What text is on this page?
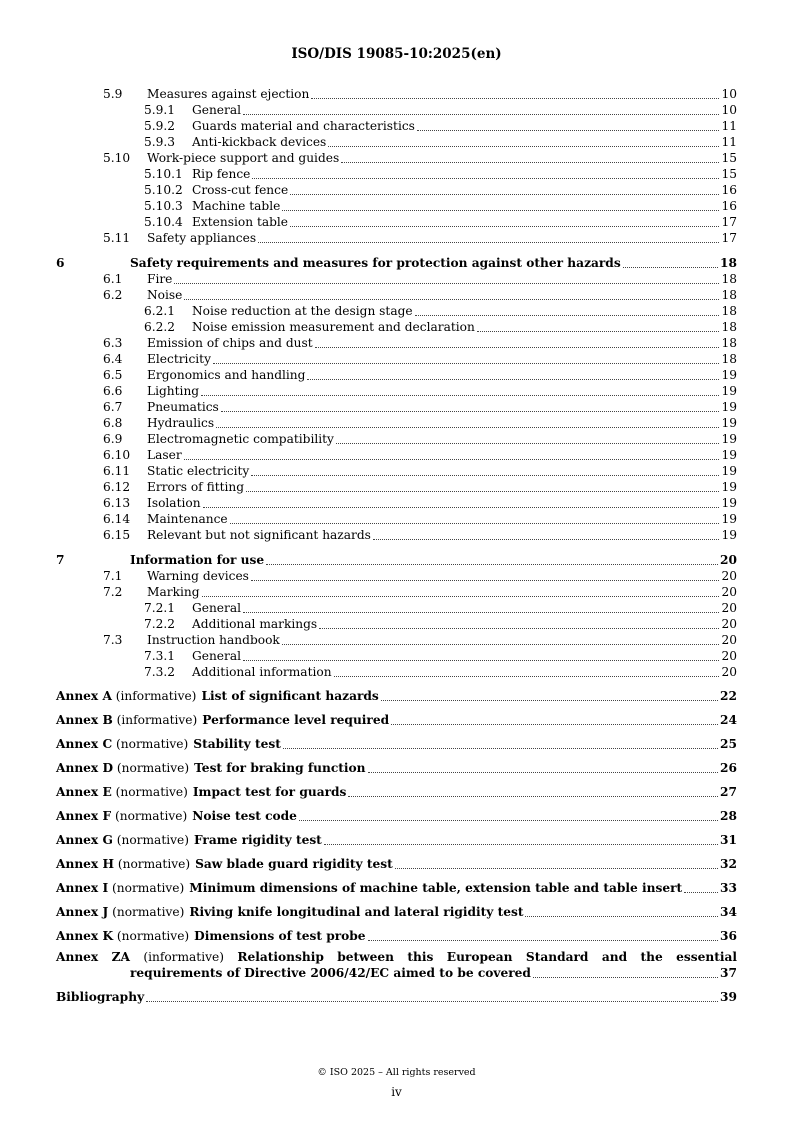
ISO/DIS 19085-10:2025(en)
5.9	Measures against ejection	10
5.9.1	General	10
5.9.2	Guards material and characteristics	11
5.9.3	Anti-kickback devices	11
5.10	Work-piece support and guides	15
5.10.1 Rip fence	15
5.10.2 Cross-cut fence	16
5.10.3 Machine table	16
5.10.4 Extension table	17
5.11	Safety appliances	17
6	Safety requirements and measures for protection against other hazards	18
6.1	Fire	18
6.2	Noise	18
6.2.1	Noise reduction at the design stage	18
6.2.2	Noise emission measurement and declaration	18
6.3	Emission of chips and dust	18
6.4	Electricity	18
6.5	Ergonomics and handling	19
6.6	Lighting	19
6.7	Pneumatics	19
6.8	Hydraulics	19
6.9	Electromagnetic compatibility	19
6.10	Laser	19
6.11	Static electricity	19
6.12	Errors of fitting	19
6.13	Isolation	19
6.14	Maintenance	19
6.15	Relevant but not significant hazards	19
7	Information for use	20
7.1	Warning devices	20
7.2	Marking	20
7.2.1	General	20
7.2.2	Additional markings	20
7.3	Instruction handbook	20
7.3.1	General	20
7.3.2	Additional information	20
Annex A (informative) List of significant hazards	22
Annex B (informative) Performance level required	24
Annex C (normative) Stability test	25
Annex D (normative) Test for braking function	26
Annex E (normative) Impact test for guards	27
Annex F (normative) Noise test code	28
Annex G (normative) Frame rigidity test	31
Annex H (normative) Saw blade guard rigidity test	32
Annex I (normative) Minimum dimensions of machine table, extension table and table insert	33
Annex J (normative) Riving knife longitudinal and lateral rigidity test	34
Annex K (normative) Dimensions of test probe	36
Annex ZA (informative) Relationship between this European Standard and the essential
requirements of Directive 2006/42/EC aimed to be covered	37
Bibliography	39
© ISO 2025 – All rights reserved
iv
